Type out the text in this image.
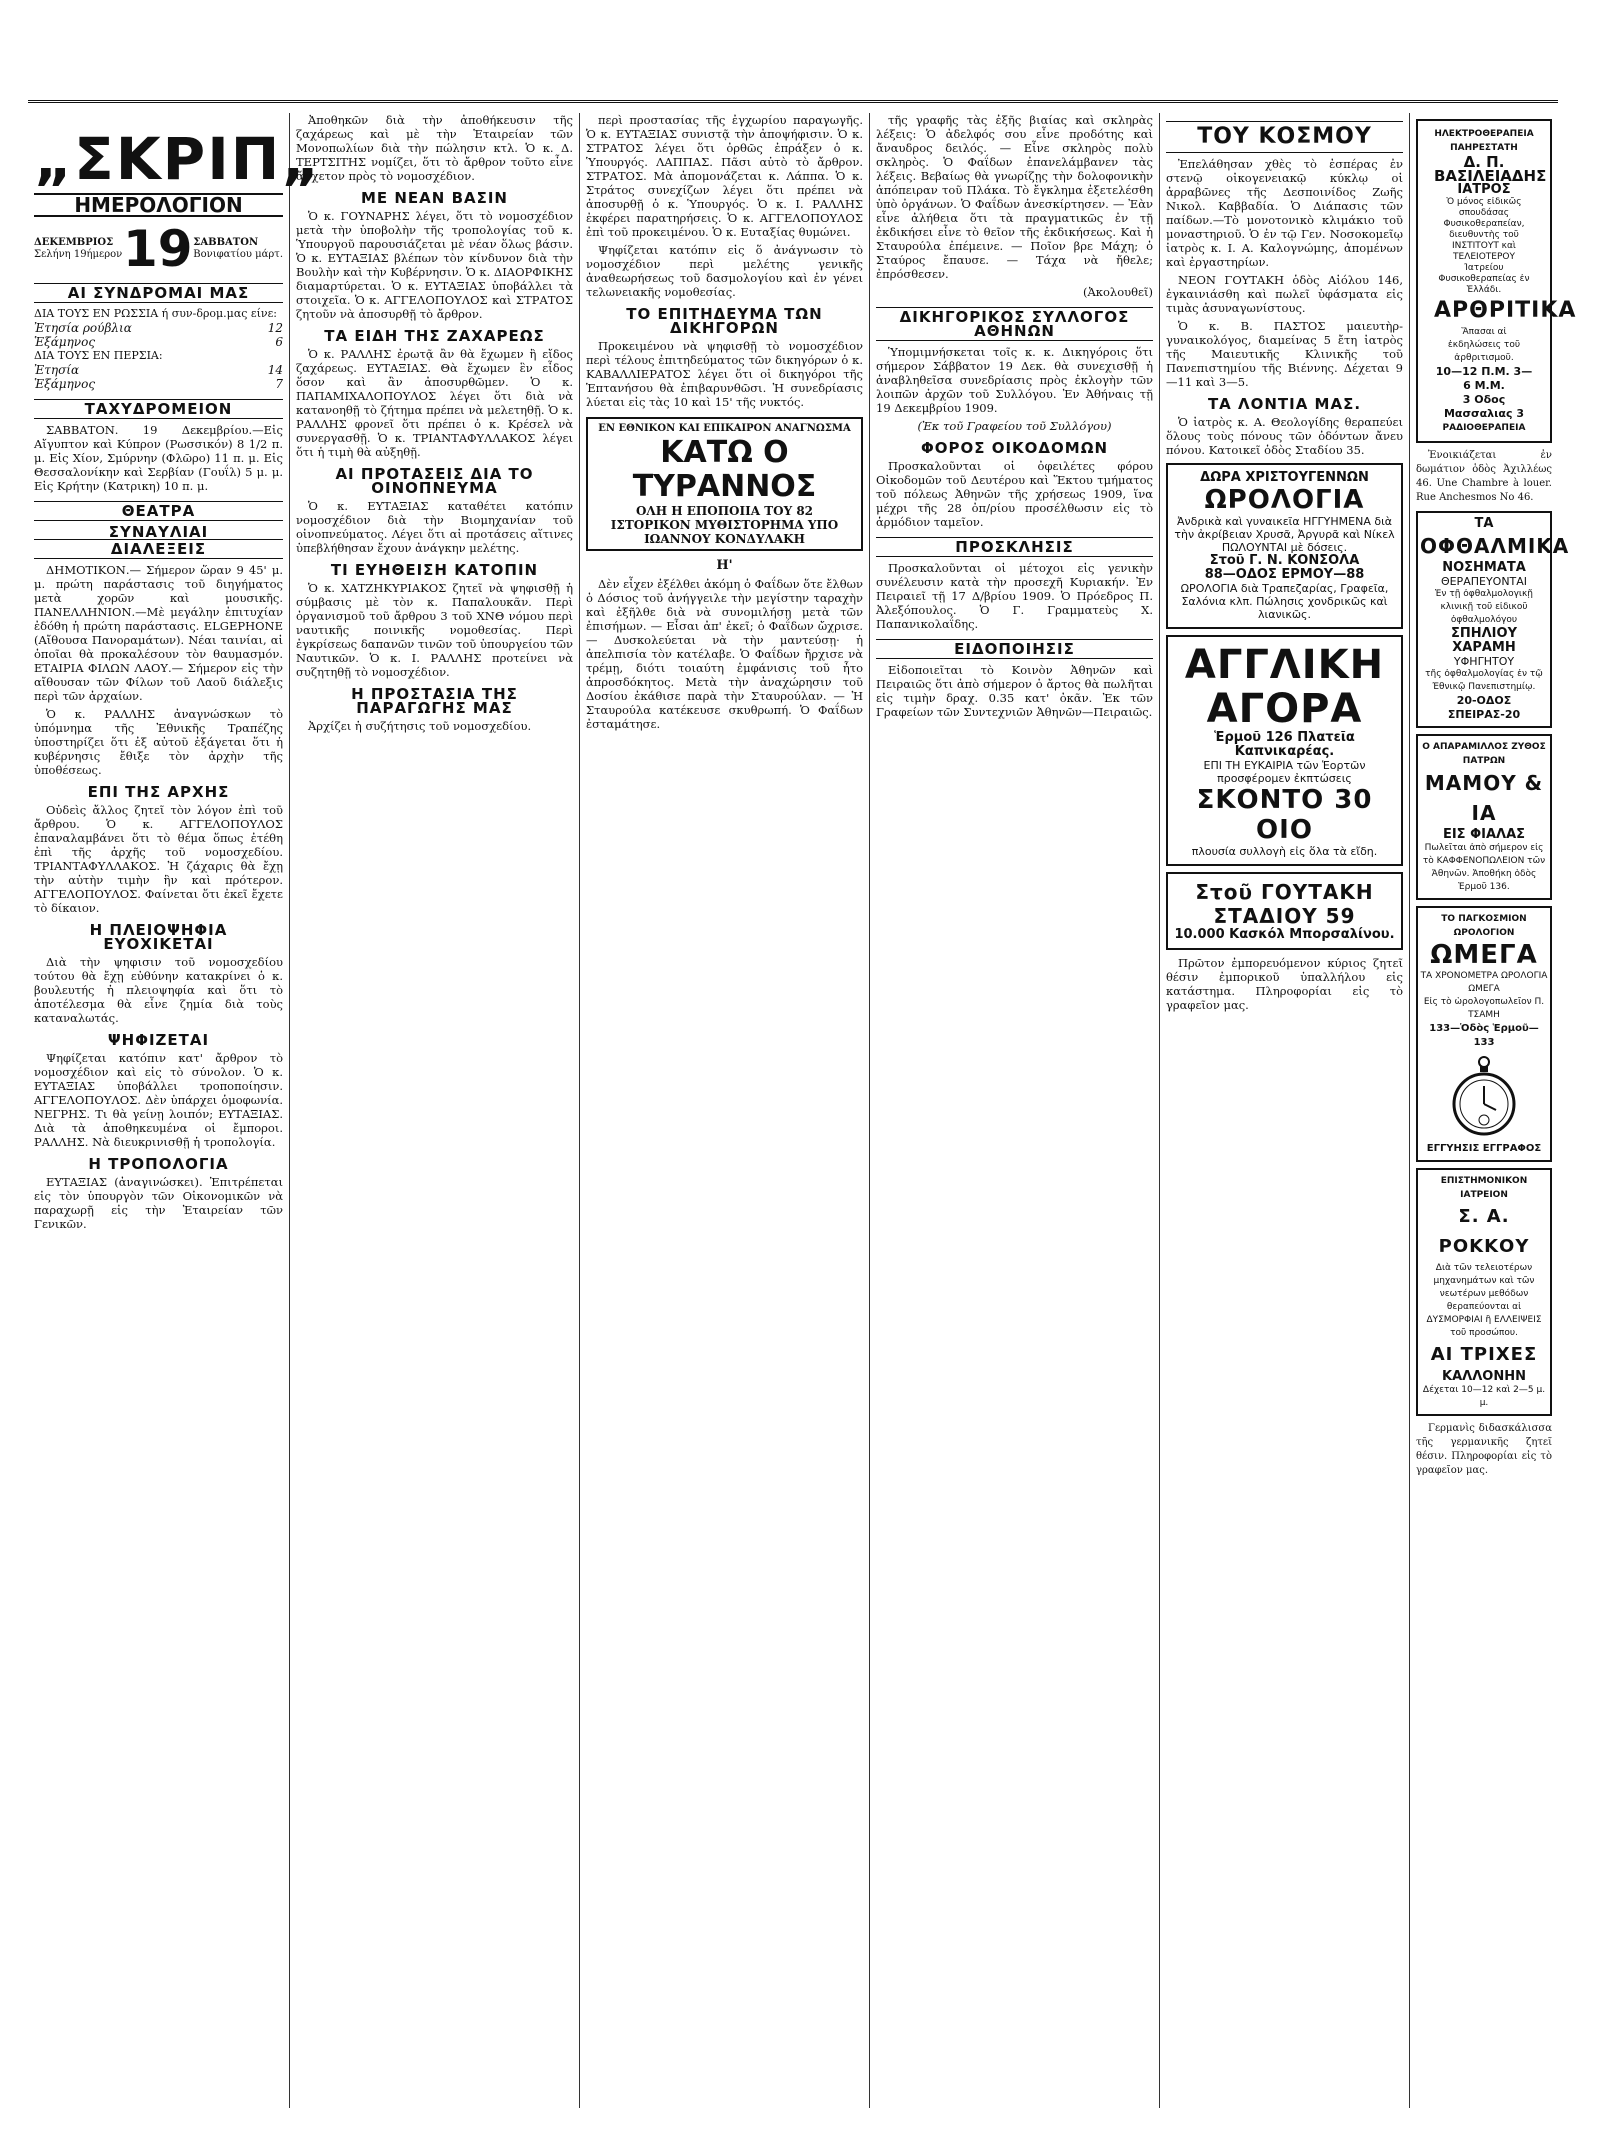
„ΣΚΡΙΠ„
ΗΜΕΡΟΛΟΓΙΟΝ
ΔΕΚΕΜΒΡΙΟΣ
Σελήνη 19ήμερον 19 ΣΑΒΒΑΤΟΝ
Βονιφατίου μάρτ.
ΑΙ ΣΥΝΔΡΟΜΑΙ ΜΑΣ
ΔΙΑ ΤΟΥΣ ΕΝ ΡΩΣΣΙΑ ή συν-δρομ.μας είνε:
Ἐτησία ρούβλια	12
Ἑξάμηνος	6
ΔΙΑ ΤΟΥΣ ΕΝ ΠΕΡΣΙΑ:
Ἐτησία	14
Ἑξάμηνος	7
ΤΑΧΥΔΡΟΜΕΙΟΝ

ΣΑΒΒΑΤΟΝ. 19 Δεκεμβρίου.—Εἰς Αἴγυπτον καὶ Κύπρον (Ρωσσικόν) 8 1/2 π. μ. Εἰς Χίον, Σμύρνην (Φλῶρο) 11 π. μ. Εἰς Θεσσαλονίκην καὶ Σερβίαν (Γουΐλ) 5 μ. μ. Εἰς Κρήτην (Κατρικη) 10 π. μ.

ΘΕΑΤΡΑ
ΣΥΝΑΥΛΙΑΙ
ΔΙΑΛΕΞΕΙΣ

ΔΗΜΟΤΙΚΟΝ.— Σήμερον ὥραν 9 45' μ. μ. πρώτη παράστασις τοῦ διηγήματος μετὰ χορῶν καὶ μουσικῆς. ΠΑΝΕΛΛΗΝΙΟΝ.—Μὲ μεγάλην ἐπιτυχίαν ἐδόθη ἡ πρώτη παράστασις. ELGEPHONE (Αἴθουσα Πανοραμάτων). Νέαι ταινίαι, αἱ ὁποῖαι θὰ προκαλέσουν τὸν θαυμασμόν. ΕΤΑΙΡΙΑ ΦΙΛΩΝ ΛΑΟΥ.— Σήμερον εἰς τὴν αἴθουσαν τῶν Φίλων τοῦ Λαοῦ διάλεξις περὶ τῶν ἀρχαίων.

Ὁ κ. ΡΑΛΛΗΣ ἀναγνώσκων τὸ ὑπόμνημα τῆς Ἐθνικῆς Τραπέζης ὑποστηρίζει ὅτι ἐξ αὐτοῦ ἐξάγεται ὅτι ἡ κυβέρνησις ἔθιξε τὸν ἀρχὴν τῆς ὑποθέσεως.

ΕΠΙ ΤΗΣ ΑΡΧΗΣ

Οὐδεὶς ἄλλος ζητεῖ τὸν λόγον ἐπὶ τοῦ ἄρθρου. Ὁ κ. ΑΓΓΕΛΟΠΟΥΛΟΣ ἐπαναλαμβάνει ὅτι τὸ θέμα ὅπως ἐτέθη ἐπὶ τῆς ἀρχῆς τοῦ νομοσχεδίου. ΤΡΙΑΝΤΑΦΥΛΛΑΚΟΣ. Ἡ ζάχαρις θὰ ἔχῃ τὴν αὐτὴν τιμὴν ἣν καὶ πρότερον. ΑΓΓΕΛΟΠΟΥΛΟΣ. Φαίνεται ὅτι ἐκεῖ ἔχετε τὸ δίκαιον.

Η ΠΛΕΙΟΨΗΦΙΑ ΕΥΟΧΙΚΕΤΑΙ

Διὰ τὴν ψηφισιν τοῦ νομοσχεδίου τούτου θὰ ἔχῃ εὐθύνην κατακρίνει ὁ κ. βουλευτής ἡ πλειοψηφία καὶ ὅτι τὸ ἀποτέλεσμα θὰ εἶνε ζημία διὰ τοὺς καταναλωτάς.

ΨΗΦΙΖΕΤΑΙ

Ψηφίζεται κατόπιν κατ' ἄρθρον τὸ νομοσχέδιον καὶ εἰς τὸ σύνολον. Ὁ κ. ΕΥΤΑΞΙΑΣ ὑποβάλλει τροποποίησιν. ΑΓΓΕΛΟΠΟΥΛΟΣ. Δὲν ὑπάρχει ὁμοφωνία. ΝΕΓΡΗΣ. Τι θὰ γείνῃ λοιπόν; ΕΥΤΑΞΙΑΣ. Διὰ τὰ ἀποθηκευμένα οἱ ἔμποροι. ΡΑΛΛΗΣ. Νὰ διευκρινισθῇ ἡ τροπολογία.

Η ΤΡΟΠΟΛΟΓΙΑ

ΕΥΤΑΞΙΑΣ (ἀναγινώσκει). Ἐπιτρέπεται εἰς τὸν ὑπουργὸν τῶν Οἰκονομικῶν νὰ παραχωρῇ εἰς τὴν Ἑταιρείαν τῶν Γενικῶν.

Ἀποθηκῶν διὰ τὴν ἀποθήκευσιν τῆς ζαχάρεως καὶ μὲ τὴν Ἑταιρείαν τῶν Μονοπωλίων διὰ τὴν πώλησιν κτλ. Ὁ κ. Δ. ΤΕΡΤΣΙΤΗΣ νομίζει, ὅτι τὸ ἄρθρον τοῦτο εἶνε ἄσχετον πρὸς τὸ νομοσχέδιον.

ΜΕ ΝΕΑΝ ΒΑΣΙΝ

Ὁ κ. ΓΟΥΝΑΡΗΣ λέγει, ὅτι τὸ νομοσχέδιον μετὰ τὴν ὑποβολὴν τῆς τροπολογίας τοῦ κ. Ὑπουργοῦ παρουσιάζεται μὲ νέαν ὅλως βάσιν. Ὁ κ. ΕΥΤΑΞΙΑΣ βλέπων τὸν κίνδυνον διὰ τὴν Βουλὴν καὶ τὴν Κυβέρνησιν. Ὁ κ. ΔΙΑΟΡΦΙΚΗΣ διαμαρτύρεται. Ὁ κ. ΕΥΤΑΞΙΑΣ ὑποβάλλει τὰ στοιχεῖα. Ὁ κ. ΑΓΓΕΛΟΠΟΥΛΟΣ καὶ ΣΤΡΑΤΟΣ ζητοῦν νὰ ἀποσυρθῇ τὸ ἄρθρον.

ΤΑ ΕΙΔΗ ΤΗΣ ΖΑΧΑΡΕΩΣ

Ὁ κ. ΡΑΛΛΗΣ ἐρωτᾷ ἂν θὰ ἔχωμεν ἢ εἴδος ζαχάρεως. ΕΥΤΑΞΙΑΣ. Θὰ ἔχωμεν ἓν εἶδος ὅσον καὶ ἂν ἀποσυρθῶμεν. Ὁ κ. ΠΑΠΑΜΙΧΑΛΟΠΟΥΛΟΣ λέγει ὅτι διὰ νὰ κατανοηθῇ τὸ ζήτημα πρέπει νὰ μελετηθῇ. Ὁ κ. ΡΑΛΛΗΣ φρονεῖ ὅτι πρέπει ὁ κ. Κρέσελ νὰ συνεργασθῇ. Ὁ κ. ΤΡΙΑΝΤΑΦΥΛΛΑΚΟΣ λέγει ὅτι ἡ τιμὴ θὰ αὐξηθῇ.

ΑΙ ΠΡΟΤΑΣΕΙΣ ΔΙΑ ΤΟ ΟΙΝΟΠΝΕΥΜΑ

Ὁ κ. ΕΥΤΑΞΙΑΣ καταθέτει κατόπιν νομοσχέδιον διὰ τὴν Βιομηχανίαν τοῦ οἰνοπνεύματος. Λέγει ὅτι αἱ προτάσεις αἵτινες ὑπεβλήθησαν ἔχουν ἀνάγκην μελέτης.

ΤΙ ΕΥΗΘΕΙΣΗ ΚΑΤΟΠΙΝ

Ὁ κ. ΧΑΤΖΗΚΥΡΙΑΚΟΣ ζητεῖ νὰ ψηφισθῇ ἡ σύμβασις μὲ τὸν κ. Παπαλουκᾶν. Περὶ ὀργανισμοῦ τοῦ ἄρθρου 3 τοῦ ΧΝΘ νόμου περὶ ναυτικῆς ποινικῆς νομοθεσίας. Περὶ ἐγκρίσεως δαπανῶν τινῶν τοῦ ὑπουργείου τῶν Ναυτικῶν. Ὁ κ. Ι. ΡΑΛΛΗΣ προτείνει νὰ συζητηθῇ τὸ νομοσχέδιον.

Η ΠΡΟΣΤΑΣΙΑ ΤΗΣ ΠΑΡΑΓΩΓΗΣ ΜΑΣ

Ἀρχίζει ἡ συζήτησις τοῦ νομοσχεδίου.

περὶ προστασίας τῆς ἐγχωρίου παραγωγῆς. Ὁ κ. ΕΥΤΑΞΙΑΣ συνιστᾷ τὴν ἀποψήφισιν. Ὁ κ. ΣΤΡΑΤΟΣ λέγει ὅτι ὀρθῶς ἐπράξεν ὁ κ. Ὑπουργός. ΛΑΠΠΑΣ. Πᾶσι αὐτὸ τὸ ἄρθρον. ΣΤΡΑΤΟΣ. Μὰ ἀπομονάζεται κ. Λάππα. Ὁ κ. Στράτος συνεχίζων λέγει ὅτι πρέπει νὰ ἀποσυρθῇ ὁ κ. Ὑπουργός. Ὁ κ. Ι. ΡΑΛΛΗΣ ἐκφέρει παρατηρήσεις. Ὁ κ. ΑΓΓΕΛΟΠΟΥΛΟΣ ἐπὶ τοῦ προκειμένου. Ὁ κ. Ευταξίας θυμώνει.

Ψηφίζεται κατόπιν εἰς ὅ ἀνάγνωσιν τὸ νομοσχέδιον περὶ μελέτης γενικῆς ἀναθεωρήσεως τοῦ δασμολογίου καὶ ἐν γένει τελωνειακῆς νομοθεσίας.

ΤΟ ΕΠΙΤΗΔΕΥΜΑ ΤΩΝ ΔΙΚΗΓΟΡΩΝ

Προκειμένου νὰ ψηφισθῇ τὸ νομοσχέδιον περὶ τέλους ἐπιτηδεύματος τῶν δικηγόρων ὁ κ. ΚΑΒΑΛΛΙΕΡΑΤΟΣ λέγει ὅτι οἱ δικηγόροι τῆς Ἑπτανήσου θὰ ἐπιβαρυνθῶσι. Ἡ συνεδρίασις λύεται εἰς τὰς 10 καὶ 15' τῆς νυκτός.

ΕΝ ΕΘΝΙΚΟΝ ΚΑΙ ΕΠΙΚΑΙΡΟΝ ΑΝΑΓΝΩΣΜΑ
ΚΑΤΩ Ο ΤΥΡΑΝΝΟΣ
ΟΛΗ Η ΕΠΟΠΟΙΙΑ ΤΟΥ 82
ΙΣΤΟΡΙΚΟΝ ΜΥΘΙΣΤΟΡΗΜΑ ΥΠΟ
ΙΩΑΝΝΟΥ ΚΟΝΔΥΛΑΚΗ
Η'

Δὲν εἶχεν ἐξέλθει ἀκόμη ὁ Φαΐδων ὅτε ἔλθων ὁ Δόσιος τοῦ ἀνήγγειλε τὴν μεγίστην ταραχὴν καὶ ἐξῆλθε διὰ νὰ συνομιλήσῃ μετὰ τῶν ἐπισήμων. — Εἶσαι ἀπ' ἐκεῖ; ὁ Φαΐδων ὤχρισε. — Δυσκολεύεται νὰ τὴν μαντεύσῃ· ἡ ἀπελπισία τὸν κατέλαβε. Ὁ Φαΐδων ἤρχισε νὰ τρέμῃ, διότι τοιαύτη ἐμφάνισις τοῦ ἦτο ἀπροσδόκητος. Μετὰ τὴν ἀναχώρησιν τοῦ Δοσίου ἐκάθισε παρὰ τὴν Σταυρούλαν. — Ἡ Σταυρούλα κατέκευσε σκυθρωπή. Ὁ Φαΐδων ἐσταμάτησε.

τῆς γραφῆς τὰς ἐξῆς βιαίας καὶ σκληρὰς λέξεις: Ὁ ἀδελφός σου εἶνε προδότης καὶ ἄναυδρος δειλός. — Εἶνε σκληρὸς πολὺ σκληρὸς. Ὁ Φαΐδων ἐπανελάμβανεν τὰς λέξεις. Βεβαίως θὰ γνωρίζῃς τὴν δολοφονικὴν ἀπόπειραν τοῦ Πλάκα. Τὸ ἔγκλημα ἐξετελέσθη ὑπὸ ὀργάνων. Ὁ Φαΐδων ἀνεσκίρτησεν. — Ἐὰν εἶνε ἀλήθεια ὅτι τὰ πραγματικῶς ἐν τῇ ἐκδικήσει εἶνε τὸ θεῖον τῆς ἐκδικήσεως. Καὶ ἡ Σταυρούλα ἐπέμεινε. — Ποῖον βρε Μάχη; ὁ Σταύρος ἔπαυσε. — Τάχα νὰ ἤθελε; ἐπρόσθεσεν.

(Ἀκολουθεῖ)
ΔΙΚΗΓΟΡΙΚΟΣ ΣΥΛΛΟΓΟΣ ΑΘΗΝΩΝ

Ὑπομιμνήσκεται τοῖς κ. κ. Δικηγόροις ὅτι σήμερον Σάββατον 19 Δεκ. θὰ συνεχισθῇ ἡ ἀναβληθεῖσα συνεδρίασις πρὸς ἐκλογὴν τῶν λοιπῶν ἀρχῶν τοῦ Συλλόγου. Ἐν Ἀθήναις τῇ 19 Δεκεμβρίου 1909.

(Ἐκ τοῦ Γραφείου τοῦ Συλλόγου)
ΦΟΡΟΣ ΟΙΚΟΔΟΜΩΝ

Προσκαλοῦνται οἱ ὀφειλέτες φόρου Οἰκοδομῶν τοῦ Δευτέρου καὶ Ἕκτου τμήματος τοῦ πόλεως Ἀθηνῶν τῆς χρήσεως 1909, ἵνα μέχρι τῆς 28 ὀπ/ρίου προσέλθωσιν εἰς τὸ ἁρμόδιον ταμεῖον.

ΠΡΟΣΚΛΗΣΙΣ

Προσκαλοῦνται οἱ μέτοχοι εἰς γενικὴν συνέλευσιν κατὰ τὴν προσεχῆ Κυριακήν. Ἐν Πειραιεῖ τῇ 17 Δ/βρίου 1909. Ὁ Πρόεδρος Π. Ἀλεξόπουλος. Ὁ Γ. Γραμματεὺς Χ. Παπανικολαΐδης.

ΕΙΔΟΠΟΙΗΣΙΣ

Εἰδοποιεῖται τὸ Κοινὸν Ἀθηνῶν καὶ Πειραιῶς ὅτι ἀπὸ σήμερον ὁ ἄρτος θὰ πωλῆται εἰς τιμὴν δραχ. 0.35 κατ' ὀκᾶν. Ἐκ τῶν Γραφείων τῶν Συντεχνιῶν Ἀθηνῶν—Πειραιῶς.

ΤΟΥ ΚΟΣΜΟΥ

Ἐπελάθησαν χθὲς τὸ ἐσπέρας ἐν στενῷ οἰκογενειακῷ κύκλῳ οἱ ἀρραβῶνες τῆς Δεσποινίδος Ζωῆς Νικολ. Καββαδία. Ὁ Διάπασις τῶν παίδων.—Τὸ μονοτονικὸ κλιμάκιο τοῦ μοναστηριοῦ. Ὁ ἐν τῷ Γεν. Νοσοκομεῖῳ ἰατρὸς κ. Ι. Α. Καλογνώμης, ἀπομένων καὶ ἐργαστηρίων.

ΝΕΟΝ ΓΟΥΤΑΚΗ ὁδὸς Αἰόλου 146, ἐγκαινιάσθη καὶ πωλεῖ ὑφάσματα εἰς τιμὰς ἀσυναγωνίστους.

Ὁ κ. Β. ΠΑΣΤΟΣ μαιευτὴρ-γυναικολόγος, διαμείνας 5 ἔτη ἰατρὸς τῆς Μαιευτικῆς Κλινικῆς τοῦ Πανεπιστημίου τῆς Βιέννης. Δέχεται 9—11 καὶ 3—5.

ΤΑ ΛΟΝΤΙΑ ΜΑΣ.

Ὁ ἰατρὸς κ. Α. Θεολογίδης θεραπεύει ὅλους τοὺς πόνους τῶν ὀδόντων ἄνευ πόνου. Κατοικεῖ ὁδὸς Σταδίου 35.

ΔΩΡΑ ΧΡΙΣΤΟΥΓΕΝΝΩΝ
ΩΡΟΛΟΓΙΑ
Ἀνδρικὰ καὶ γυναικεῖα ΗΓΓΥΗΜΕΝΑ διὰ τὴν ἀκρίβειαν Χρυσᾶ, Ἀργυρᾶ καὶ Νίκελ ΠΩΛΟΥΝΤΑΙ μὲ δόσεις.
Στοῦ Γ. Ν. ΚΟΝΣΟΛΑ
88—ΟΔΟΣ ΕΡΜΟΥ—88
ΩΡΟΛΟΓΙΑ διὰ Τραπεζαρίας, Γραφεῖα, Σαλόνια κλπ. Πώλησις χονδρικῶς καὶ λιανικῶς.
ΑΓΓΛΙΚΗ
ΑΓΟΡΑ
Ἑρμοῦ 126 Πλατεῖα Καπνικαρέας.
ΕΠΙ ΤΗ ΕΥΚΑΙΡΙΑ τῶν Ἑορτῶν προσφέρομεν ἐκπτώσεις
ΣΚΟΝΤΟ 30 ΟΙΟ
πλουσία συλλογὴ εἰς ὅλα τὰ εἴδη.
Στοῦ ΓΟΥΤΑΚΗ ΣΤΑΔΙΟΥ 59
10.000 Κασκόλ Μπορσαλίνου.

Πρῶτον ἐμπορευόμενον κύριος ζητεῖ θέσιν ἐμπορικοῦ ὑπαλλήλου εἰς κατάστημα. Πληροφορίαι εἰς τὸ γραφεῖον μας.

ΗΛΕΚΤΡΟΘΕΡΑΠΕΙΑ ΠΑΗΡΕΣΤΑΤΗ
Δ. Π. ΒΑΣΙΛΕΙΑΔΗΣ
ΙΑΤΡΟΣ
Ὁ μόνος εἰδικῶς σπουδάσας Φυσικοθεραπείαν, διευθυντὴς τοῦ ΙΝΣΤΙΤΟΥΤ καὶ ΤΕΛΕΙΟΤΕΡΟΥ Ἰατρείου Φυσικοθεραπείας ἐν Ἑλλάδι.
ΑΡΘΡΙΤΙΚΑ
Ἅπασαι αἱ ἐκδηλώσεις τοῦ ἀρθριτισμοῦ.
10—12 Π.Μ. 3—6 Μ.Μ.
3 Οδος Μασσαλιας 3
ΡΑΔΙΟΘΕΡΑΠΕΙΑ

Ἐνοικιάζεται ἐν δωμάτιον ὁδὸς Ἀχιλλέως 46. Une Chambre à louer. Rue Anchesmos No 46.

ΤΑ
ΟΦΘΑΛΜΙΚΑ
ΝΟΣΗΜΑΤΑ
ΘΕΡΑΠΕΥΟΝΤΑΙ
Ἐν τῇ ὀφθαλμολογικῇ κλινικῇ τοῦ εἰδικοῦ ὀφθαλμολόγου
ΣΠΗΛΙΟΥ ΧΑΡΑΜΗ
ΥΦΗΓΗΤΟΥ
τῆς ὀφθαλμολογίας ἐν τῷ Ἐθνικῷ Πανεπιστημίῳ.
20-ΟΔΟΣ ΣΠΕΙΡΑΣ-20
Ο ΑΠΑΡΑΜΙΛΛΟΣ ΖΥΘΟΣ ΠΑΤΡΩΝ
ΜΑΜΟΥ & ΙΑ
ΕΙΣ ΦΙΑΛΑΣ
Πωλεῖται ἀπὸ σήμερον εἰς τὸ ΚΑΦΦΕΝΟΠΩΛΕΙΟΝ τῶν Ἀθηνῶν. Ἀποθήκη ὁδὸς Ἑρμοῦ 136.
ΤΟ ΠΑΓΚΟΣΜΙΟΝ ΩΡΟΛΟΓΙΟΝ
ΩΜΕΓΑ
ΤΑ ΧΡΟΝΟΜΕΤΡΑ ΩΡΟΛΟΓΙΑ ΩΜΕΓΑ
Εἰς τὸ ὡρολογοπωλεῖον Π. ΤΣΑΜΗ
133—Ὁδὸς Ἑρμοῦ—133
ΕΓΓΥΗΣΙΣ ΕΓΓΡΑΦΟΣ
ΕΠΙΣΤΗΜΟΝΙΚΟΝ ΙΑΤΡΕΙΟΝ
Σ. Α. ΡΟΚΚΟΥ
Διὰ τῶν τελειοτέρων μηχανημάτων καὶ τῶν νεωτέρων μεθόδων θεραπεύονται αἱ ΔΥΣΜΟΡΦΙΑΙ ἢ ΕΛΛΕΙΨΕΙΣ τοῦ προσώπου.
ΑΙ ΤΡΙΧΕΣ
ΚΑΛΛΟΝΗΝ
Δέχεται 10—12 καὶ 2—5 μ. μ.

Γερμανὶς διδασκάλισσα τῆς γερμανικῆς ζητεῖ θέσιν. Πληροφορίαι εἰς τὸ γραφεῖον μας.
